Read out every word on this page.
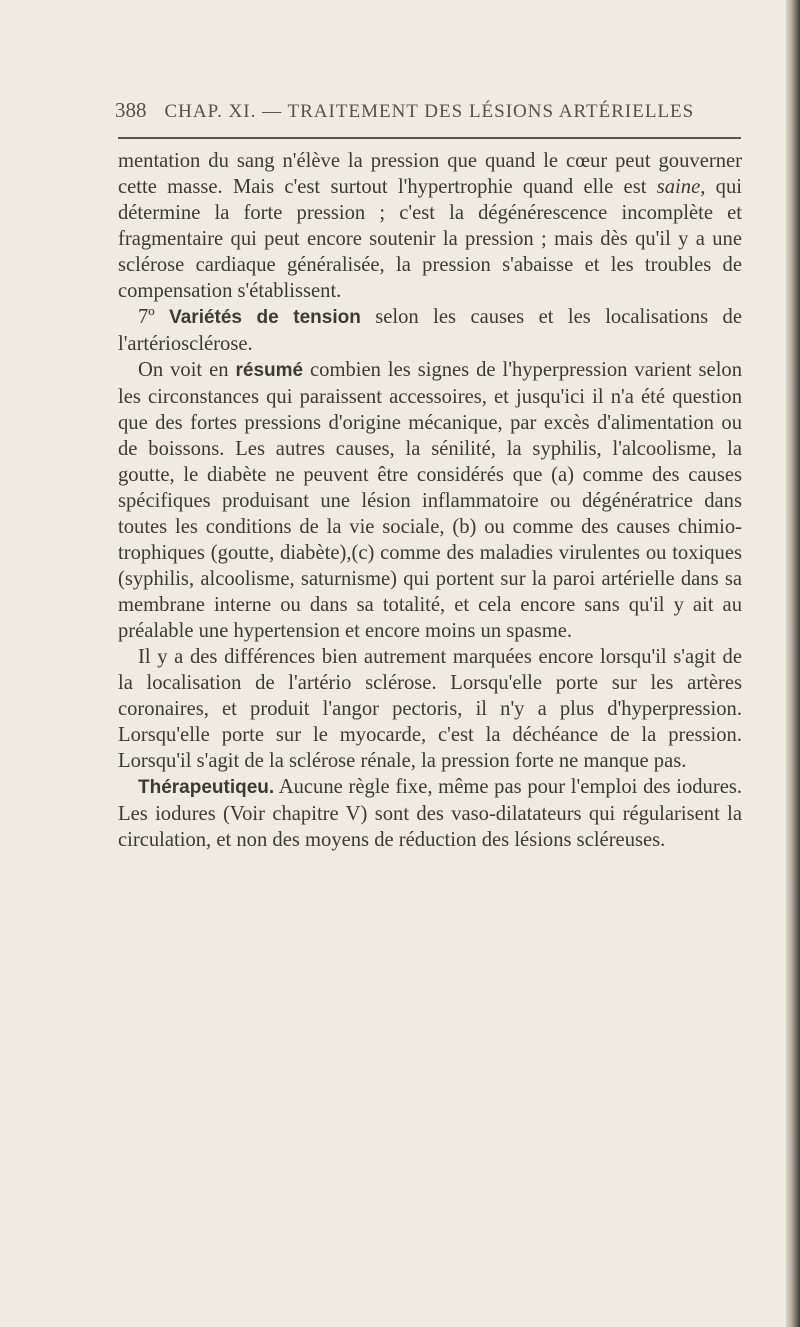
388 CHAP. XI. — TRAITEMENT DES LÉSIONS ARTÉRIELLES

mentation du sang n'élève la pression que quand le cœur peut gouverner cette masse. Mais c'est surtout l'hypertrophie quand elle est saine, qui détermine la forte pression ; c'est la dégénérescence incomplète et fragmentaire qui peut encore soutenir la pression ; mais dès qu'il y a une sclérose cardiaque généralisée, la pression s'abaisse et les troubles de compensation s'établissent.

7º Variétés de tension selon les causes et les localisations de l'artériosclérose.

On voit en résumé combien les signes de l'hyperpression varient selon les circonstances qui paraissent accessoires, et jusqu'ici il n'a été question que des fortes pressions d'origine mécanique, par excès d'alimentation ou de boissons. Les autres causes, la sénilité, la syphilis, l'alcoolisme, la goutte, le diabète ne peuvent être considérés que (a) comme des causes spécifiques produisant une lésion inflammatoire ou dégénératrice dans toutes les conditions de la vie sociale, (b) ou comme des causes chimio-trophiques (goutte, diabète),(c) comme des maladies virulentes ou toxiques (syphilis, alcoolisme, saturnisme) qui portent sur la paroi artérielle dans sa membrane interne ou dans sa totalité, et cela encore sans qu'il y ait au préalable une hypertension et encore moins un spasme.

Il y a des différences bien autrement marquées encore lorsqu'il s'agit de la localisation de l'artério sclérose. Lorsqu'elle porte sur les artères coronaires, et produit l'angor pectoris, il n'y a plus d'hyperpression. Lorsqu'elle porte sur le myocarde, c'est la déchéance de la pression. Lorsqu'il s'agit de la sclérose rénale, la pression forte ne manque pas.

Thérapeutiqeu. Aucune règle fixe, même pas pour l'emploi des iodures. Les iodures (Voir chapitre V) sont des vaso-dilatateurs qui régularisent la circulation, et non des moyens de réduction des lésions scléreuses.
